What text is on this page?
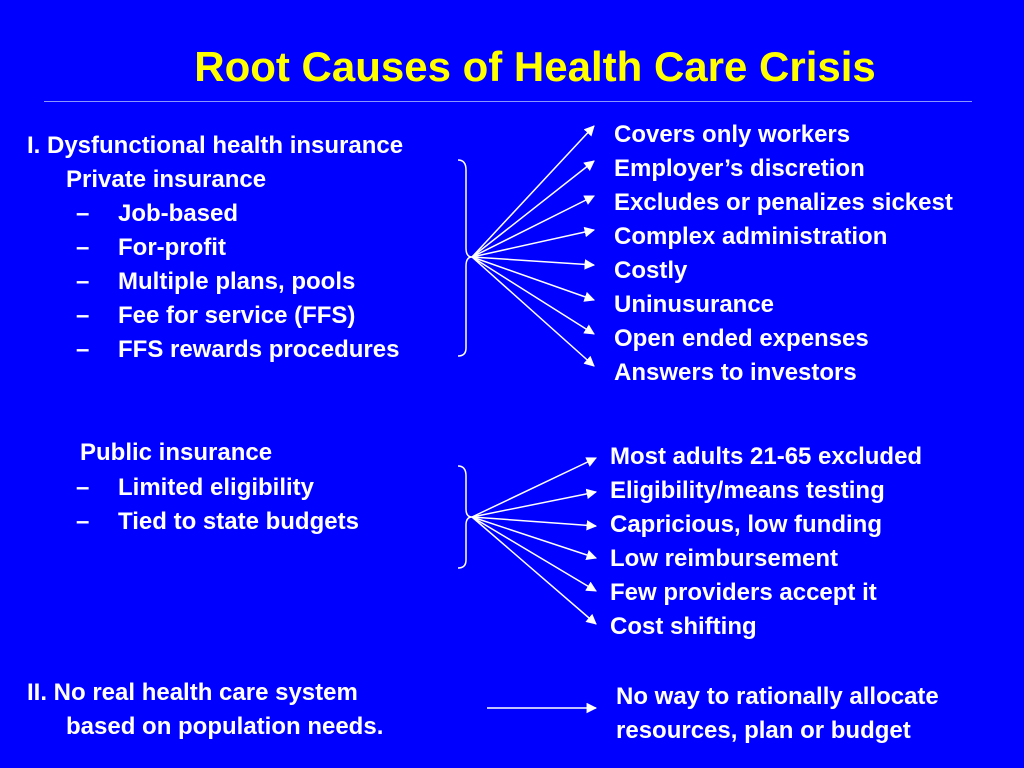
Root Causes of Health Care Crisis
I. Dysfunctional health insurance
Private insurance
– Job-based
– For-profit
– Multiple plans, pools
– Fee for service (FFS)
– FFS rewards procedures
Covers only workers
Employer’s discretion
Excludes or penalizes sickest
Complex administration
Costly
Uninusurance
Open ended expenses
Answers to investors
Public insurance
– Limited eligibility
– Tied to state budgets
Most adults 21-65 excluded
Eligibility/means testing
Capricious, low funding
Low reimbursement
Few providers accept it
Cost shifting
II. No real health care system
based on population needs.
No way to rationally allocate
resources, plan or budget
